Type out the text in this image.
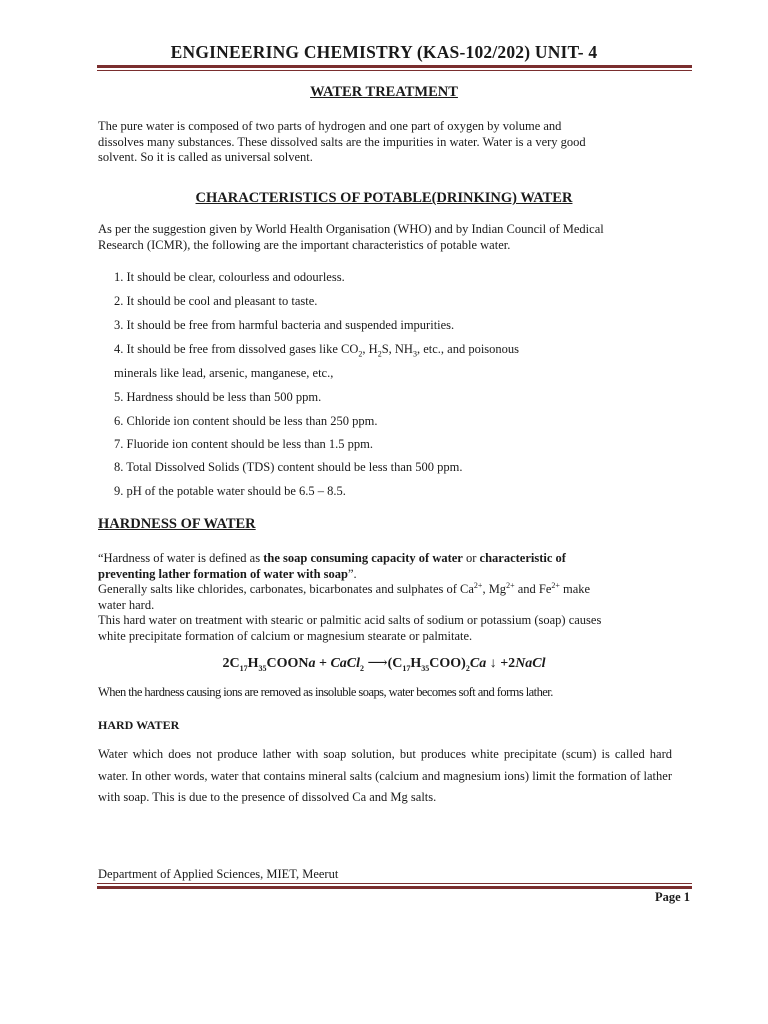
ENGINEERING CHEMISTRY (KAS-102/202) UNIT- 4
WATER TREATMENT
The pure water is composed of two parts of hydrogen and one part of oxygen by volume and
dissolves many substances. These dissolved salts are the impurities in water. Water is a very good
solvent. So it is called as universal solvent.
CHARACTERISTICS OF POTABLE(DRINKING) WATER
As per the suggestion given by World Health Organisation (WHO) and by Indian Council of Medical
Research (ICMR), the following are the important characteristics of potable water.
1. It should be clear, colourless and odourless.
2. It should be cool and pleasant to taste.
3. It should be free from harmful bacteria and suspended impurities.
4. It should be free from dissolved gases like $CO_2$, $H_2S$, $NH_3$, etc., and poisonous
minerals like lead, arsenic, manganese, etc.,
5. Hardness should be less than 500 ppm.
6. Chloride ion content should be less than 250 ppm.
7. Fluoride ion content should be less than 1.5 ppm.
8. Total Dissolved Solids (TDS) content should be less than 500 ppm.
9. pH of the potable water should be 6.5 – 8.5.
HARDNESS OF WATER
“Hardness of water is defined as the soap consuming capacity of water or characteristic of
preventing lather formation of water with soap”.
Generally salts like chlorides, carbonates, bicarbonates and sulphates of $Ca^{2+}$, $Mg^{2+}$ and $Fe^{2+}$ make
water hard.
This hard water on treatment with stearic or palmitic acid salts of sodium or potassium (soap) causes
white precipitate formation of calcium or magnesium stearate or palmitate.
$2C_{17}H_{35}COONa$ + CaCl$_2$ $⟶(C_{17}H_{35}COO)_2Ca$ ↓ +2NaCl
When the hardness causing ions are removed as insoluble soaps, water becomes soft and forms lather.
HARD WATER
Water which does not produce lather with soap solution, but produces white precipitate (scum) is called hard water. In other words, water that contains mineral salts (calcium and magnesium ions) limit the formation of lather with soap. This is due to the presence of dissolved Ca and Mg salts.
Department of Applied Sciences, MIET, Meerut
Page 1
